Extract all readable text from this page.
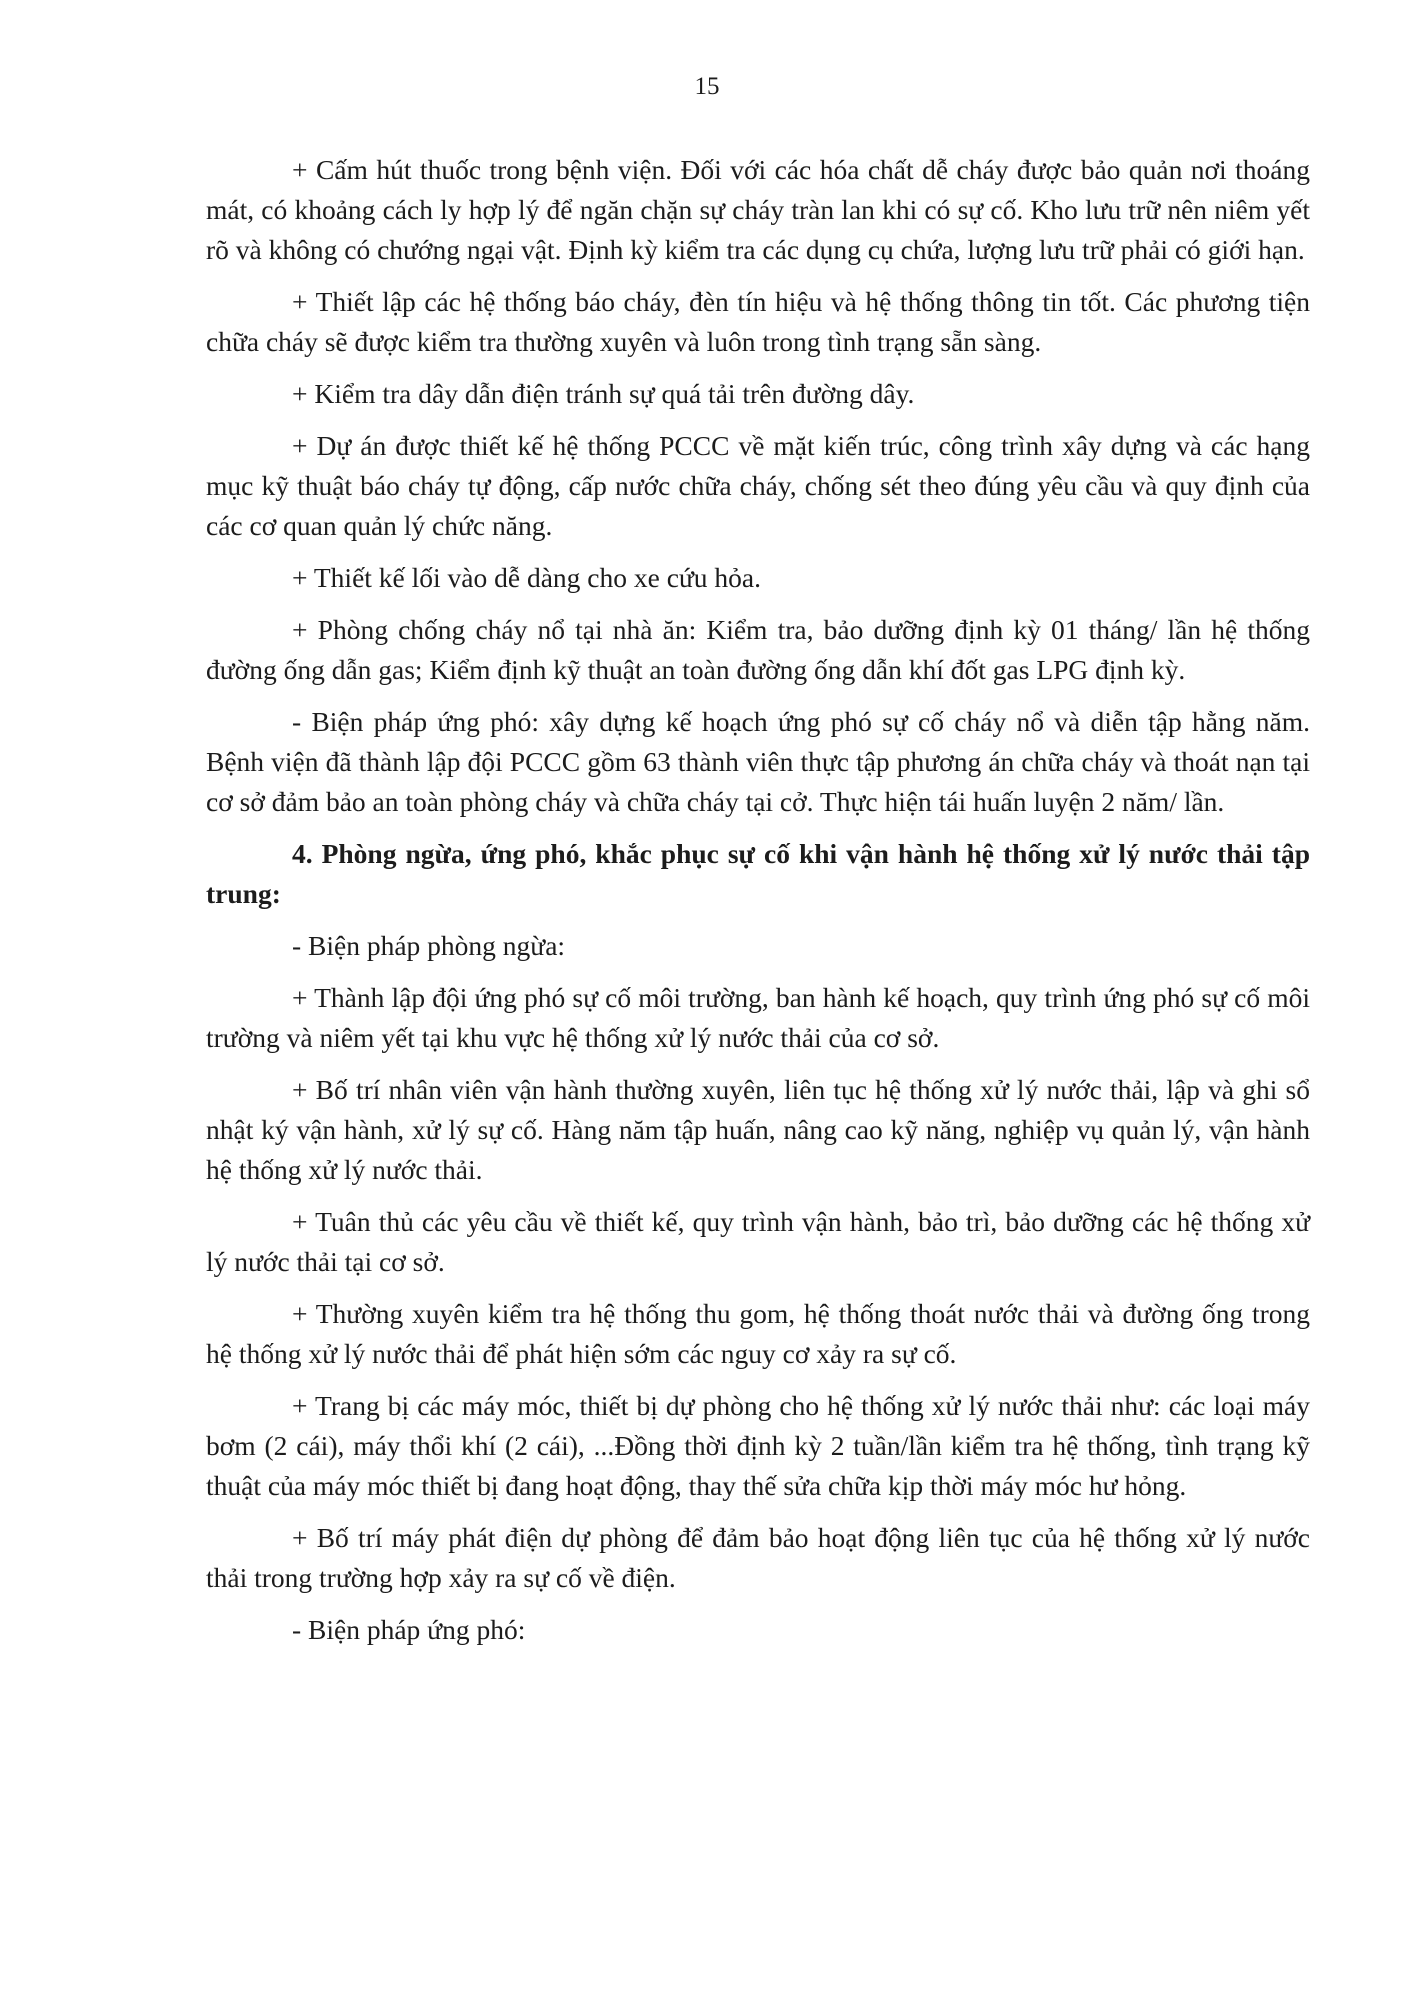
15

+ Cấm hút thuốc trong bệnh viện. Đối với các hóa chất dễ cháy được bảo quản nơi thoáng mát, có khoảng cách ly hợp lý để ngăn chặn sự cháy tràn lan khi có sự cố. Kho lưu trữ nên niêm yết rõ và không có chướng ngại vật. Định kỳ kiểm tra các dụng cụ chứa, lượng lưu trữ phải có giới hạn.

+ Thiết lập các hệ thống báo cháy, đèn tín hiệu và hệ thống thông tin tốt. Các phương tiện chữa cháy sẽ được kiểm tra thường xuyên và luôn trong tình trạng sẵn sàng.

+ Kiểm tra dây dẫn điện tránh sự quá tải trên đường dây.

+ Dự án được thiết kế hệ thống PCCC về mặt kiến trúc, công trình xây dựng và các hạng mục kỹ thuật báo cháy tự động, cấp nước chữa cháy, chống sét theo đúng yêu cầu và quy định của các cơ quan quản lý chức năng.

+ Thiết kế lối vào dễ dàng cho xe cứu hỏa.

+ Phòng chống cháy nổ tại nhà ăn: Kiểm tra, bảo dưỡng định kỳ 01 tháng/ lần hệ thống đường ống dẫn gas; Kiểm định kỹ thuật an toàn đường ống dẫn khí đốt gas LPG định kỳ.

- Biện pháp ứng phó: xây dựng kế hoạch ứng phó sự cố cháy nổ và diễn tập hằng năm. Bệnh viện đã thành lập đội PCCC gồm 63 thành viên thực tập phương án chữa cháy và thoát nạn tại cơ sở đảm bảo an toàn phòng cháy và chữa cháy tại cở. Thực hiện tái huấn luyện 2 năm/ lần.

4. Phòng ngừa, ứng phó, khắc phục sự cố khi vận hành hệ thống xử lý nước thải tập trung:

- Biện pháp phòng ngừa:

+ Thành lập đội ứng phó sự cố môi trường, ban hành kế hoạch, quy trình ứng phó sự cố môi trường và niêm yết tại khu vực hệ thống xử lý nước thải của cơ sở.

+ Bố trí nhân viên vận hành thường xuyên, liên tục hệ thống xử lý nước thải, lập và ghi sổ nhật ký vận hành, xử lý sự cố. Hàng năm tập huấn, nâng cao kỹ năng, nghiệp vụ quản lý, vận hành hệ thống xử lý nước thải.

+ Tuân thủ các yêu cầu về thiết kế, quy trình vận hành, bảo trì, bảo dưỡng các hệ thống xử lý nước thải tại cơ sở.

+ Thường xuyên kiểm tra hệ thống thu gom, hệ thống thoát nước thải và đường ống trong hệ thống xử lý nước thải để phát hiện sớm các nguy cơ xảy ra sự cố.

+ Trang bị các máy móc, thiết bị dự phòng cho hệ thống xử lý nước thải như: các loại máy bơm (2 cái), máy thổi khí (2 cái), ...Đồng thời định kỳ 2 tuần/lần kiểm tra hệ thống, tình trạng kỹ thuật của máy móc thiết bị đang hoạt động, thay thế sửa chữa kịp thời máy móc hư hỏng.

+ Bố trí máy phát điện dự phòng để đảm bảo hoạt động liên tục của hệ thống xử lý nước thải trong trường hợp xảy ra sự cố về điện.

- Biện pháp ứng phó:
